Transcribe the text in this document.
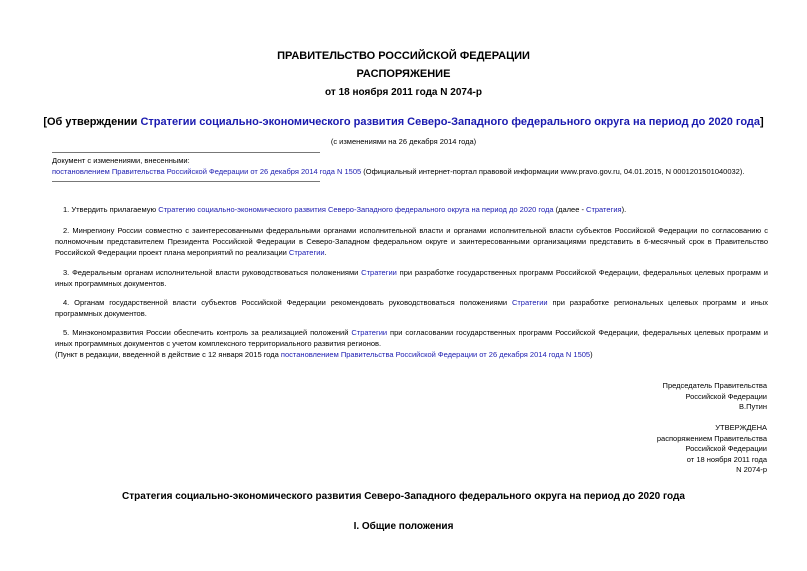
ПРАВИТЕЛЬСТВО РОССИЙСКОЙ ФЕДЕРАЦИИ
РАСПОРЯЖЕНИЕ
от 18 ноября 2011 года N 2074-р
[Об утверждении Стратегии социально-экономического развития Северо-Западного федерального округа на период до 2020 года]
(с изменениями на 26 декабря 2014 года)
Документ с изменениями, внесенными:
постановлением Правительства Российской Федерации от 26 декабря 2014 года N 1505 (Официальный интернет-портал правовой информации www.pravo.gov.ru, 04.01.2015, N 0001201501040032).
1. Утвердить прилагаемую Стратегию социально-экономического развития Северо-Западного федерального округа на период до 2020 года (далее - Стратегия).
2. Минрегиону России совместно с заинтересованными федеральными органами исполнительной власти и органами исполнительной власти субъектов Российской Федерации по согласованию с полномочным представителем Президента Российской Федерации в Северо-Западном федеральном округе и заинтересованными организациями представить в 6-месячный срок в Правительство Российской Федерации проект плана мероприятий по реализации Стратегии.
3. Федеральным органам исполнительной власти руководствоваться положениями Стратегии при разработке государственных программ Российской Федерации, федеральных целевых программ и иных программных документов.
4. Органам государственной власти субъектов Российской Федерации рекомендовать руководствоваться положениями Стратегии при разработке региональных целевых программ и иных программных документов.
5. Минэкономразвития России обеспечить контроль за реализацией положений Стратегии при согласовании государственных программ Российской Федерации, федеральных целевых программ и иных программных документов с учетом комплексного территориального развития регионов.
(Пункт в редакции, введенной в действие с 12 января 2015 года постановлением Правительства Российской Федерации от 26 декабря 2014 года N 1505)
Председатель Правительства
Российской Федерации
В.Путин
УТВЕРЖДЕНА
распоряжением Правительства
Российской Федерации
от 18 ноября 2011 года
N 2074-р
Стратегия социально-экономического развития Северо-Западного федерального округа на период до 2020 года
I. Общие положения
